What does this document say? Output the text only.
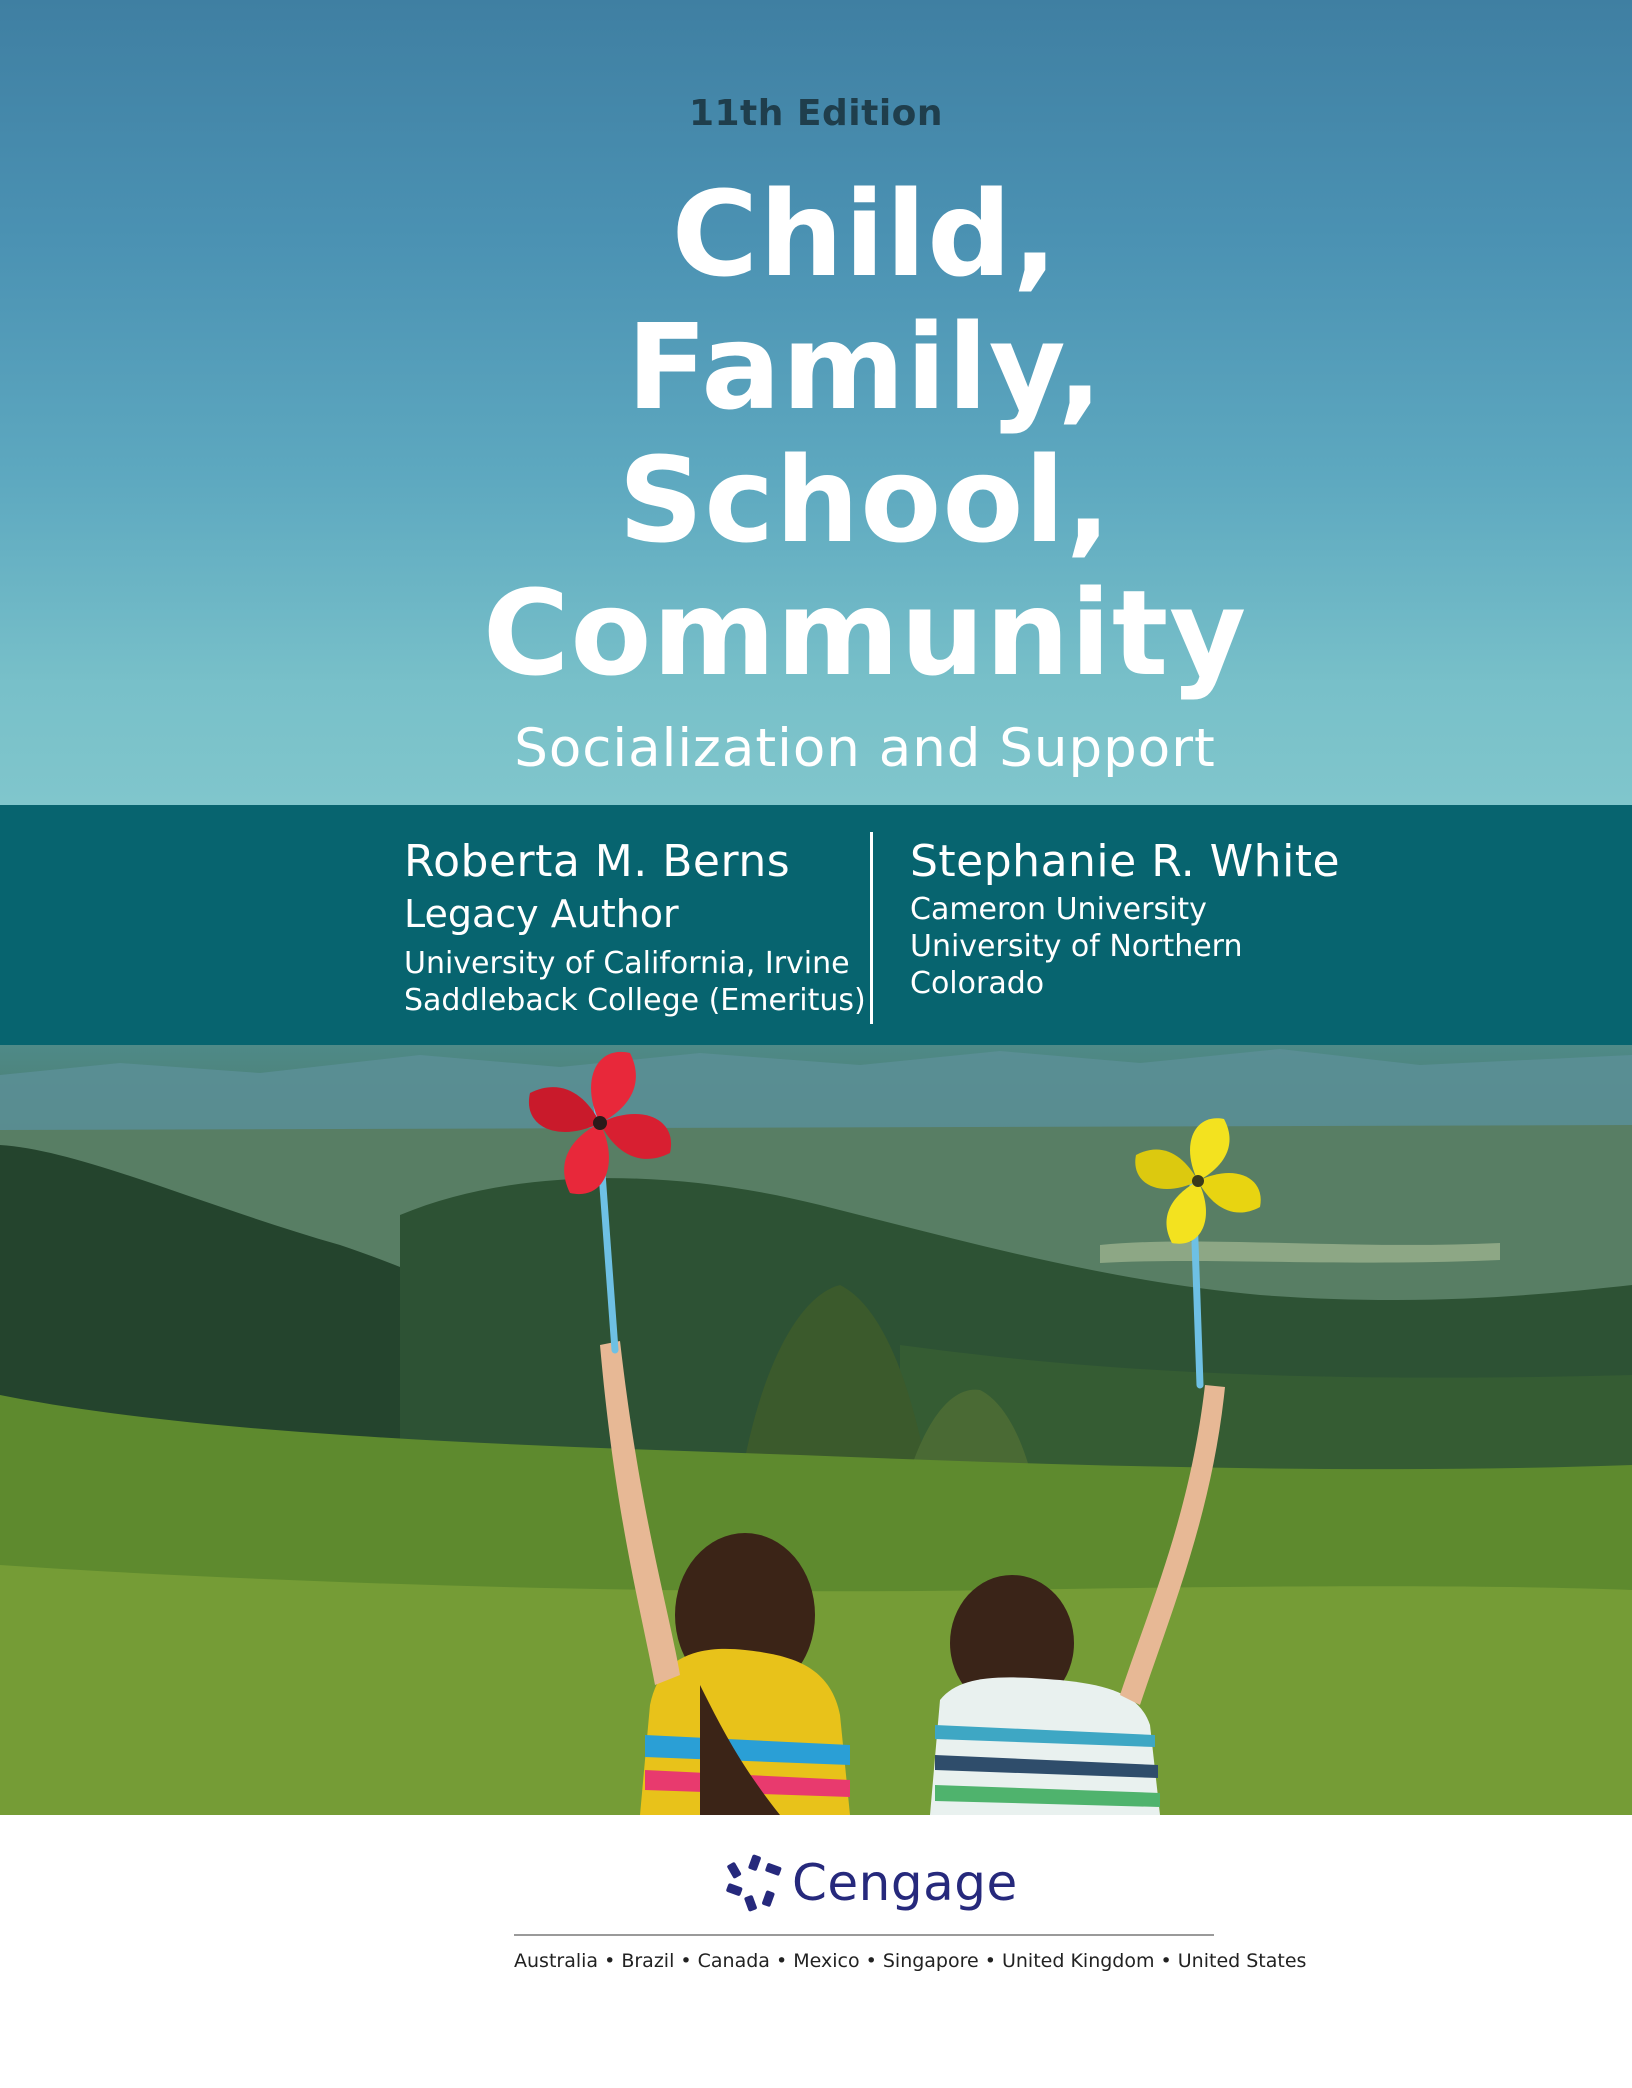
11th Edition
Child,
Family,
School,
Community
Socialization and Support
Roberta M. Berns
Legacy Author
University of California, Irvine
Saddleback College (Emeritus)
Stephanie R. White
Cameron University
University of Northern
Colorado
Cengage
Australia • Brazil • Canada • Mexico • Singapore • United Kingdom • United States
